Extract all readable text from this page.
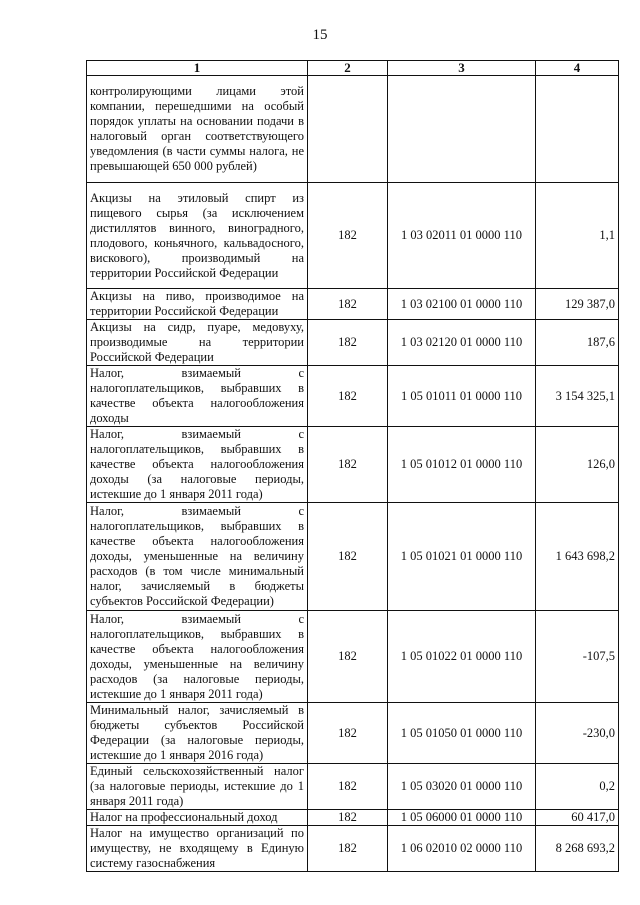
15
1	2	3	4
контролирующими лицами этой компании, перешедшими на особый порядок уплаты на основании подачи в налоговый орган соответствующего уведомления (в части суммы налога, не превышающей 650 000 рублей)			
Акцизы на этиловый спирт из пищевого сырья (за исключением дистиллятов винного, виноградного, плодового, коньячного, кальвадосного, вискового), производимый на территории Российской Федерации	182	1 03 02011 01 0000 110	1,1
Акцизы на пиво, производимое на территории Российской Федерации	182	1 03 02100 01 0000 110	129 387,0
Акцизы на сидр, пуаре, медовуху, производимые на территории Российской Федерации	182	1 03 02120 01 0000 110	187,6
Налог, взимаемый с налогоплательщиков, выбравших в качестве объекта налогообложения доходы	182	1 05 01011 01 0000 110	3 154 325,1
Налог, взимаемый с налогоплательщиков, выбравших в качестве объекта налогообложения доходы (за налоговые периоды, истекшие до 1 января 2011 года)	182	1 05 01012 01 0000 110	126,0
Налог, взимаемый с налогоплательщиков, выбравших в качестве объекта налогообложения доходы, уменьшенные на величину расходов (в том числе минимальный налог, зачисляемый в бюджеты субъектов Российской Федерации)	182	1 05 01021 01 0000 110	1 643 698,2
Налог, взимаемый с налогоплательщиков, выбравших в качестве объекта налогообложения доходы, уменьшенные на величину расходов (за налоговые периоды, истекшие до 1 января 2011 года)	182	1 05 01022 01 0000 110	-107,5
Минимальный налог, зачисляемый в бюджеты субъектов Российской Федерации (за налоговые периоды, истекшие до 1 января 2016 года)	182	1 05 01050 01 0000 110	-230,0
Единый сельскохозяйственный налог (за налоговые периоды, истекшие до 1 января 2011 года)	182	1 05 03020 01 0000 110	0,2
Налог на профессиональный доход	182	1 05 06000 01 0000 110	60 417,0
Налог на имущество организаций по имуществу, не входящему в Единую систему газоснабжения	182	1 06 02010 02 0000 110	8 268 693,2
